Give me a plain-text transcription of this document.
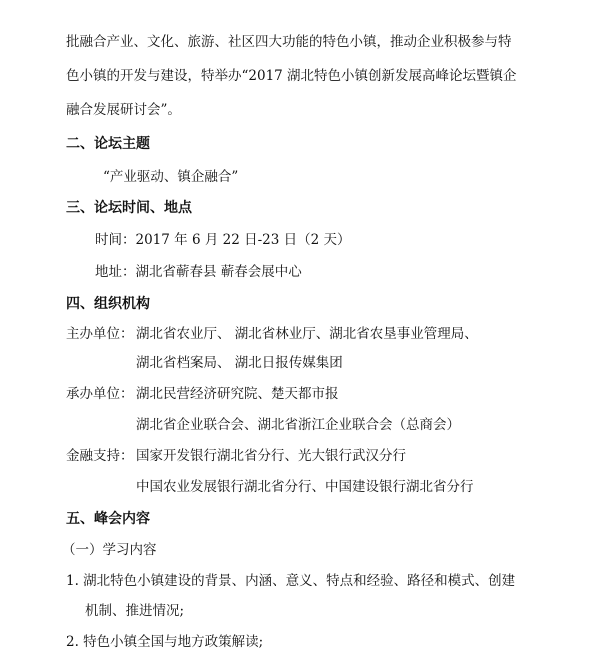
批融合产业、文化、旅游、社区四大功能的特色小镇，推动企业积极参与特
色小镇的开发与建设，特举办“2017 湖北特色小镇创新发展高峰论坛暨镇企
融合发展研讨会”。
二、论坛主题
“产业驱动、镇企融合”
三、论坛时间、地点
时间：2017 年 6 月 22 日-23 日（2 天）
地址：湖北省蕲春县 蕲春会展中心
四、组织机构
主办单位： 湖北省农业厅、 湖北省林业厅、湖北省农垦事业管理局、
湖北省档案局、 湖北日报传媒集团
承办单位： 湖北民营经济研究院、楚天都市报
湖北省企业联合会、湖北省浙江企业联合会（总商会）
金融支持： 国家开发银行湖北省分行、光大银行武汉分行
中国农业发展银行湖北省分行、中国建设银行湖北省分行
五、峰会内容
（一）学习内容
1. 湖北特色小镇建设的背景、内涵、意义、特点和经验、路径和模式、创建
机制、推进情况;
2. 特色小镇全国与地方政策解读;
